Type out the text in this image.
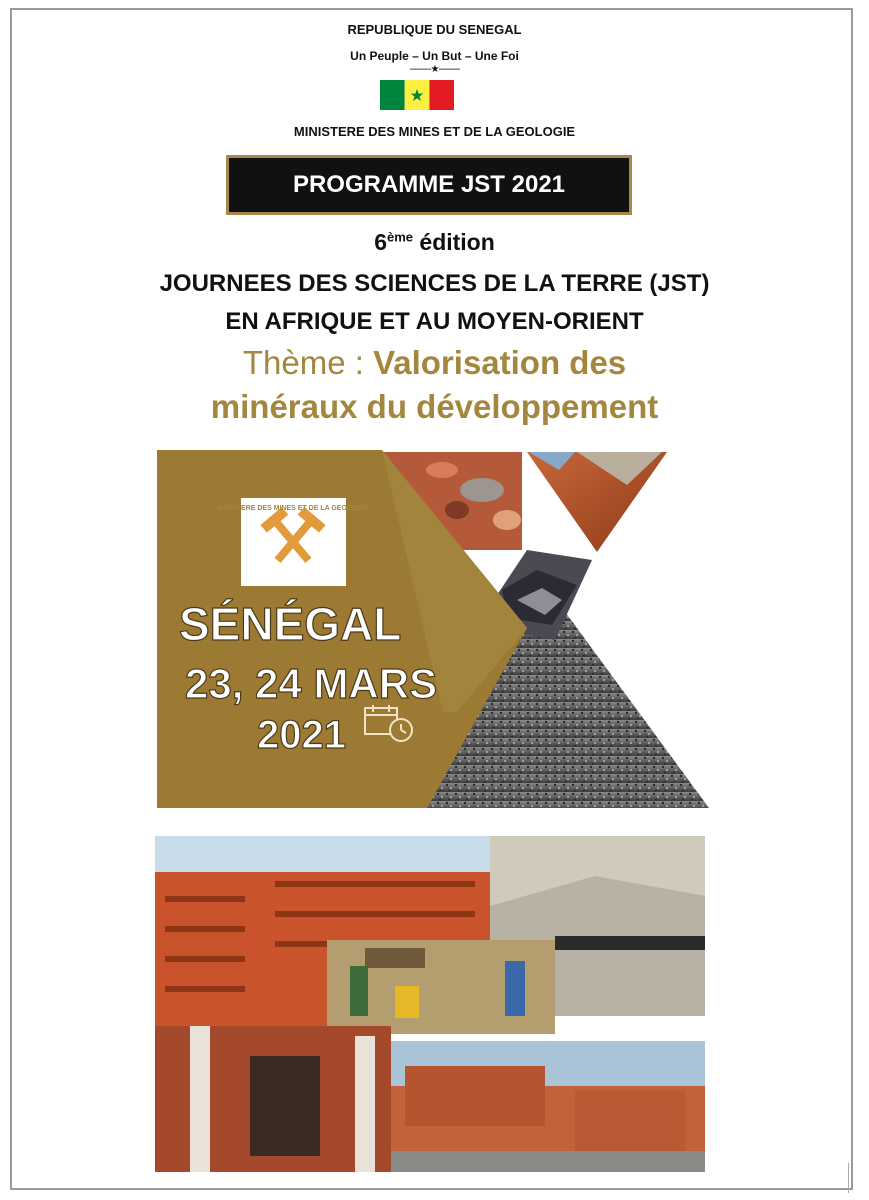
REPUBLIQUE DU SENEGAL
Un Peuple – Un But – Une Foi
---------★---------
MINISTERE DES MINES ET DE LA GEOLOGIE
PROGRAMME JST 2021
6ème édition
JOURNEES DES SCIENCES DE LA TERRE (JST)
EN AFRIQUE ET AU MOYEN-ORIENT
Thème : Valorisation des
minéraux du développement
MINISTERE DES MINES ET DE LA GEOLOGIE
SÉNÉGAL
23, 24 MARS
2021
